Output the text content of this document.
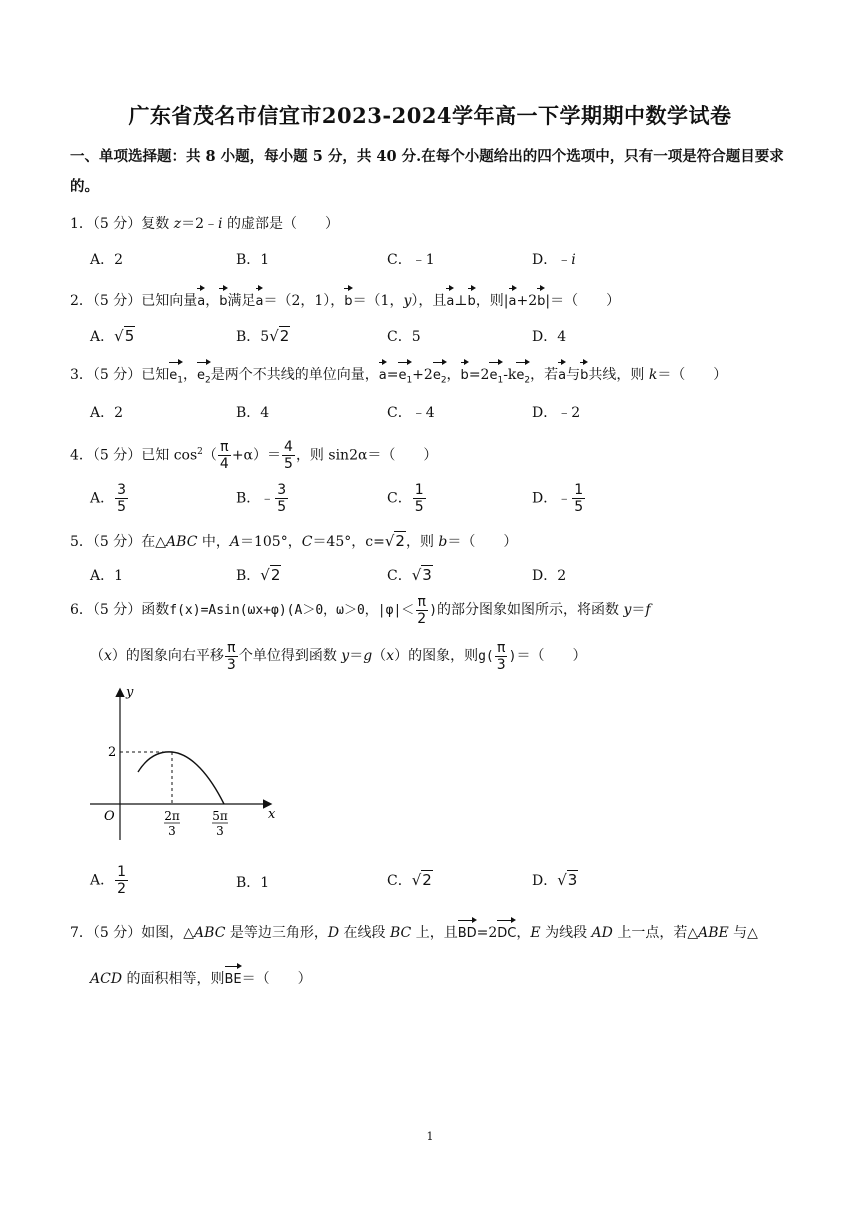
广东省茂名市信宜市2023-2024学年高一下学期期中数学试卷
一、单项选择题：共 8 小题，每小题 5 分，共 40 分.在每个小题给出的四个选项中，只有一项是符合题目要求的。
1．（5 分）复数 z＝2﹣i 的虚部是（　　）
A．2	B．1	C．﹣1	D．﹣i
2．（5 分）已知向量a，b满足a＝（2，1），b＝（1，y），且a⊥b，则|a+2b|＝（　　）
A．√5	B．5√2	C．5	D．4
3．（5 分）已知$e_1$，$e_2$是两个不共线的单位向量，$a=e_1+2e_2$，$b=2e_1-ke_2$，若a与b共线，则 k＝（　　）
A．2	B．4	C．﹣4	D．﹣2
4．（5 分）已知 $\cos^2( \frac{\pi}{4} +\alpha)= \frac{4}{5}$ ，则 sin2α＝（　　）
A． $\frac{3}{5}$	B．﹣ $\frac{3}{5}$	C． $\frac{1}{5}$	D．﹣ $\frac{1}{5}$
5．（5 分）在△ABC 中，A＝105°，C＝45°，c=√2，则 b＝（　　）
A．1	B．√2	C．√3	D．2
6．（5 分）函数f(x)=Asin(ωx+φ)(A＞0，ω＞0，$|\varphi|< \frac{\pi}{2}$ )的部分图象如图所示，将函数 y＝f
（x）的图象向右平移 $\frac{\pi}{3}$ 个单位得到函数 y＝g（x）的图象，则$g( \frac{\pi}{3}$ )＝（　　）
y
x
O
2
2π
3
5π
3
A． $\frac{1}{2}$	B．1	C．√2	D．√3
7．（5 分）如图，△ABC 是等边三角形，D 在线段 BC 上，且BD=2DC，E 为线段 AD 上一点，若△ABE 与△
ACD 的面积相等，则BE＝（　　）
1
